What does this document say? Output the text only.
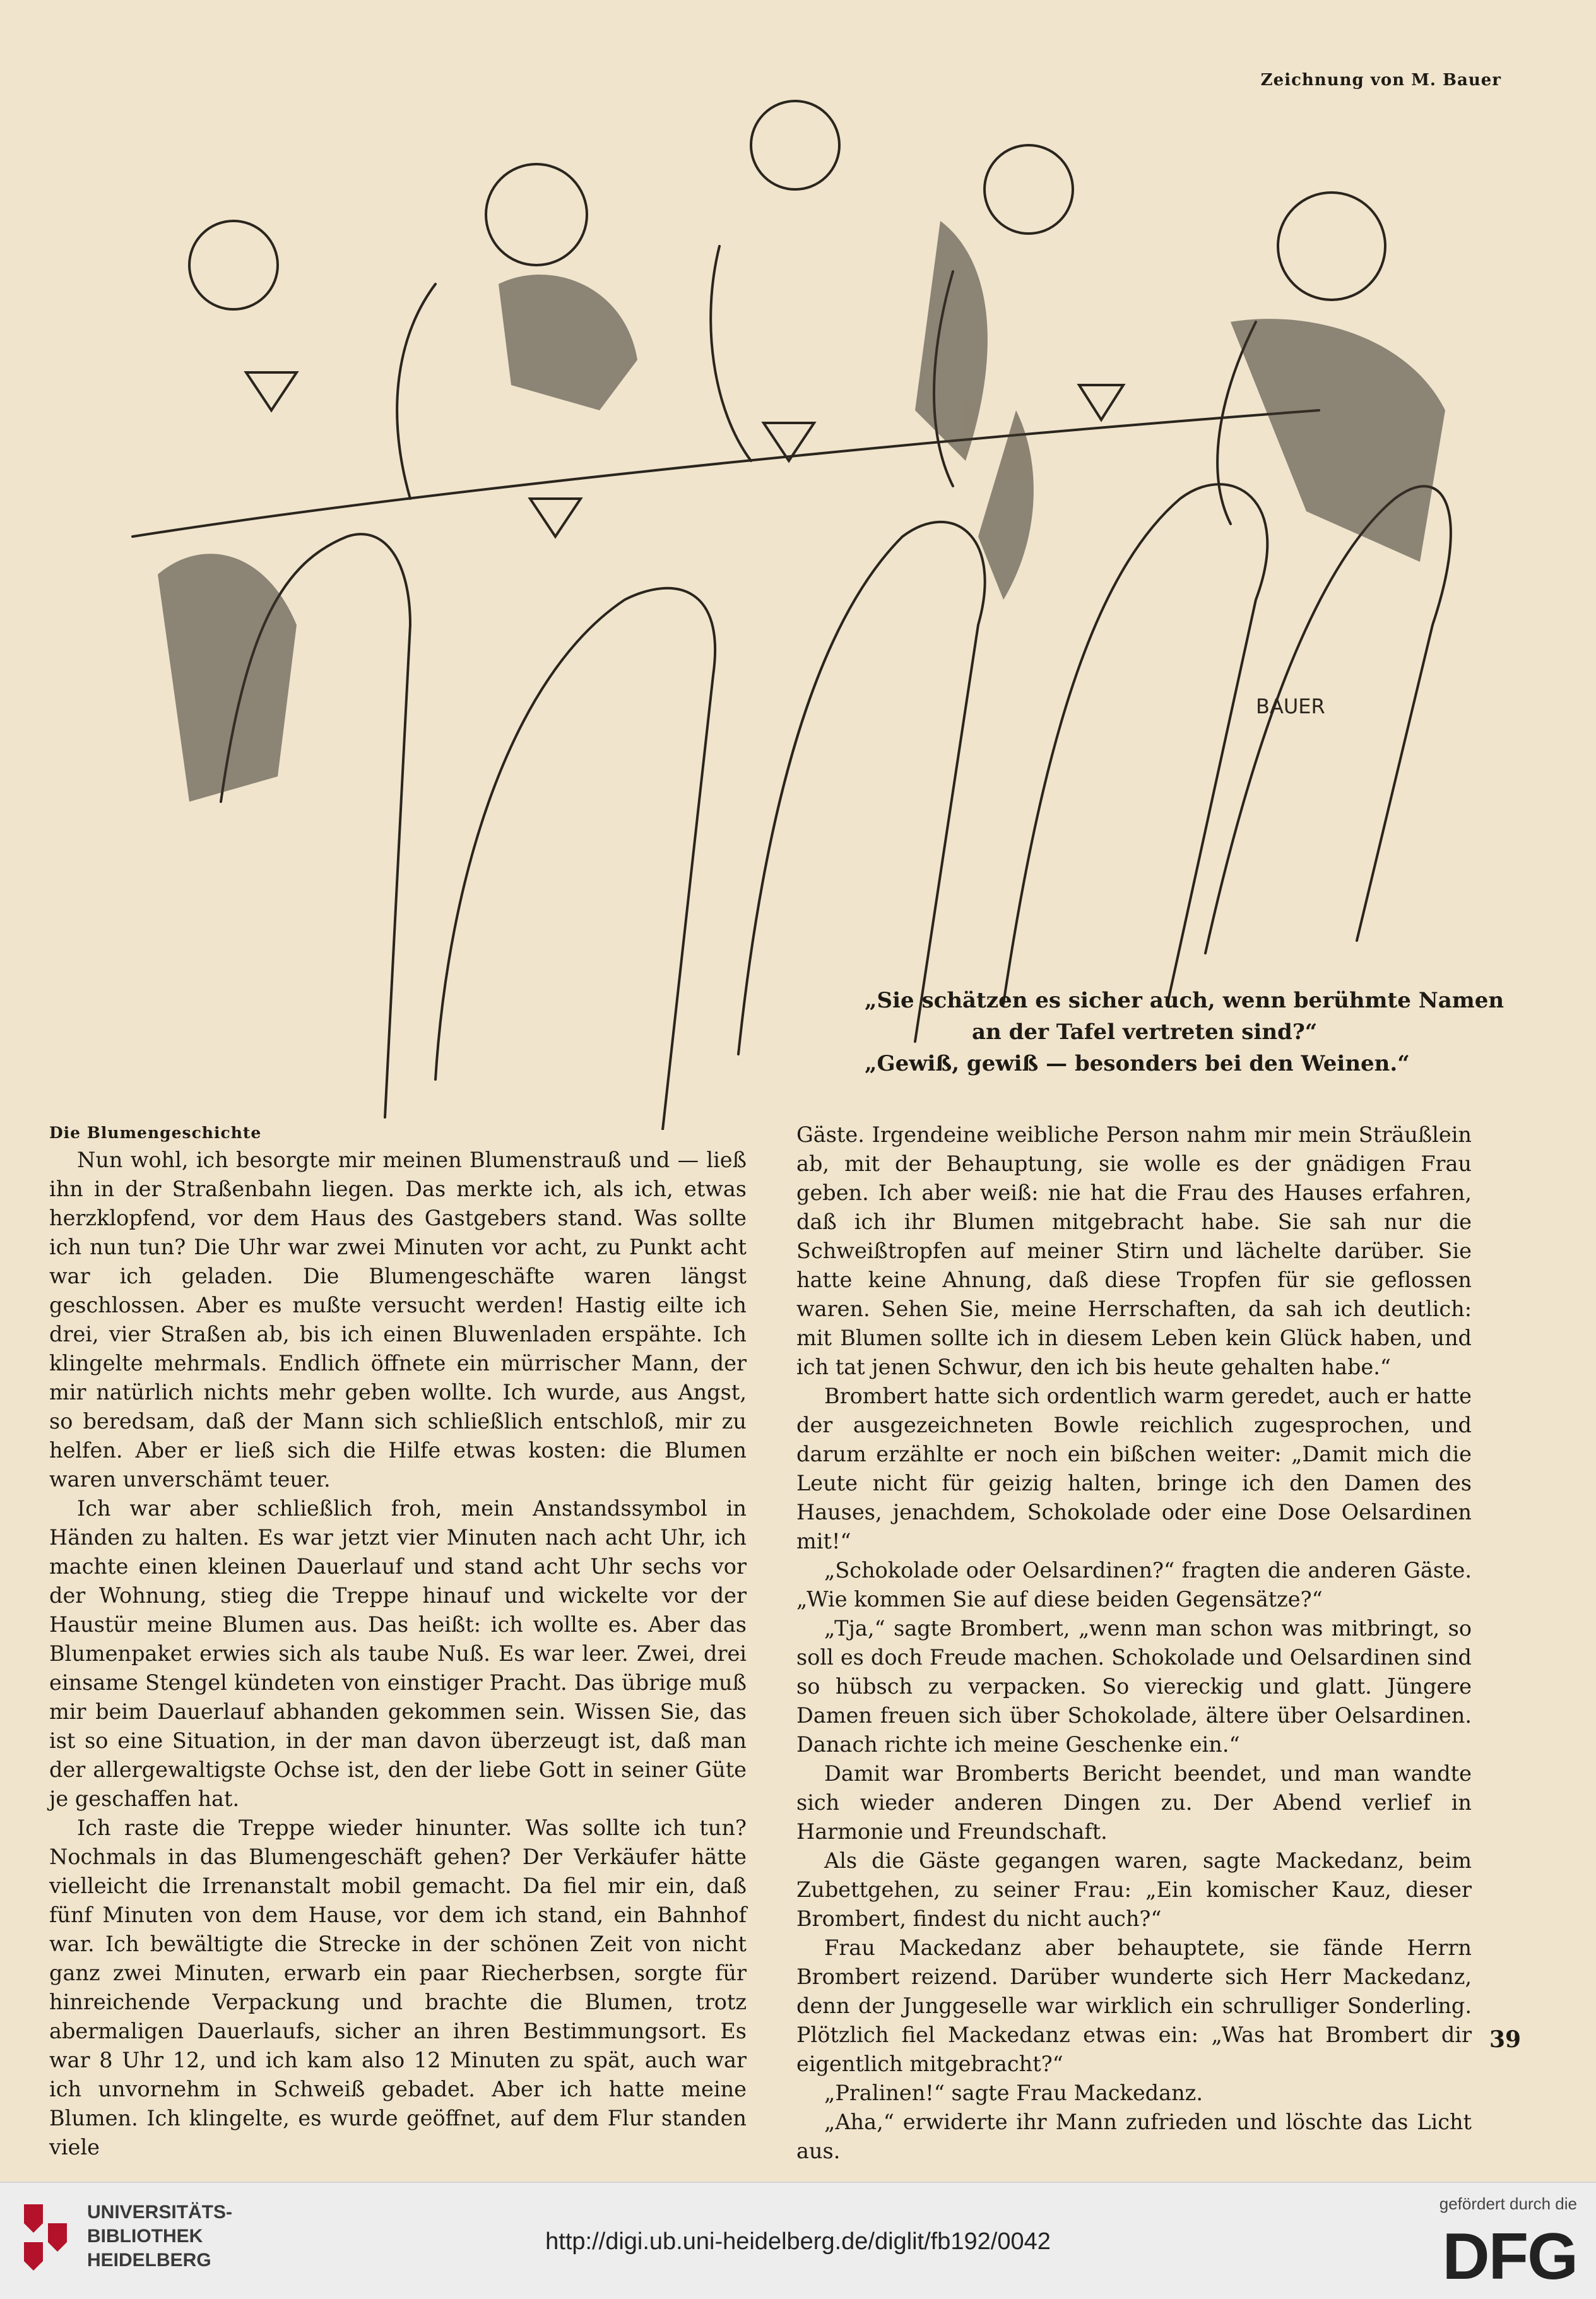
Zeichnung von M. Bauer
BAUER
„Sie schätzen es sicher auch, wenn berühmte Namen
an der Tafel vertreten sind?“
„Gewiß, gewiß — besonders bei den Weinen.“
Die Blumengeschichte

Nun wohl, ich besorgte mir meinen Blumenstrauß und — ließ ihn in der Straßenbahn liegen. Das merkte ich, als ich, etwas herzklopfend, vor dem Haus des Gastgebers stand. Was sollte ich nun tun? Die Uhr war zwei Minuten vor acht, zu Punkt acht war ich geladen. Die Blumengeschäfte waren längst geschlossen. Aber es mußte versucht werden! Hastig eilte ich drei, vier Straßen ab, bis ich einen Bluwenladen erspähte. Ich klingelte mehrmals. Endlich öffnete ein mürrischer Mann, der mir natürlich nichts mehr geben wollte. Ich wurde, aus Angst, so beredsam, daß der Mann sich schließlich entschloß, mir zu helfen. Aber er ließ sich die Hilfe etwas kosten: die Blumen waren unverschämt teuer.

Ich war aber schließlich froh, mein Anstandssymbol in Händen zu halten. Es war jetzt vier Minuten nach acht Uhr, ich machte einen kleinen Dauerlauf und stand acht Uhr sechs vor der Wohnung, stieg die Treppe hinauf und wickelte vor der Haustür meine Blumen aus. Das heißt: ich wollte es. Aber das Blumenpaket erwies sich als taube Nuß. Es war leer. Zwei, drei einsame Stengel kündeten von einstiger Pracht. Das übrige muß mir beim Dauerlauf abhanden gekommen sein. Wissen Sie, das ist so eine Situation, in der man davon überzeugt ist, daß man der allergewaltigste Ochse ist, den der liebe Gott in seiner Güte je geschaffen hat.

Ich raste die Treppe wieder hinunter. Was sollte ich tun? Nochmals in das Blumengeschäft gehen? Der Verkäufer hätte vielleicht die Irrenanstalt mobil gemacht. Da fiel mir ein, daß fünf Minuten von dem Hause, vor dem ich stand, ein Bahnhof war. Ich bewältigte die Strecke in der schönen Zeit von nicht ganz zwei Minuten, erwarb ein paar Riecherbsen, sorgte für hinreichende Verpackung und brachte die Blumen, trotz abermaligen Dauerlaufs, sicher an ihren Bestimmungsort. Es war 8 Uhr 12, und ich kam also 12 Minuten zu spät, auch war ich unvornehm in Schweiß gebadet. Aber ich hatte meine Blumen. Ich klingelte, es wurde geöffnet, auf dem Flur standen viele

Gäste. Irgendeine weibliche Person nahm mir mein Sträußlein ab, mit der Behauptung, sie wolle es der gnädigen Frau geben. Ich aber weiß: nie hat die Frau des Hauses erfahren, daß ich ihr Blumen mitgebracht habe. Sie sah nur die Schweißtropfen auf meiner Stirn und lächelte darüber. Sie hatte keine Ahnung, daß diese Tropfen für sie geflossen waren. Sehen Sie, meine Herrschaften, da sah ich deutlich: mit Blumen sollte ich in diesem Leben kein Glück haben, und ich tat jenen Schwur, den ich bis heute gehalten habe.“

Brombert hatte sich ordentlich warm geredet, auch er hatte der ausgezeichneten Bowle reichlich zugesprochen, und darum erzählte er noch ein bißchen weiter: „Damit mich die Leute nicht für geizig halten, bringe ich den Damen des Hauses, jenachdem, Schokolade oder eine Dose Oelsardinen mit!“

„Schokolade oder Oelsardinen?“ fragten die anderen Gäste. „Wie kommen Sie auf diese beiden Gegensätze?“

„Tja,“ sagte Brombert, „wenn man schon was mitbringt, so soll es doch Freude machen. Schokolade und Oelsardinen sind so hübsch zu verpacken. So viereckig und glatt. Jüngere Damen freuen sich über Schokolade, ältere über Oelsardinen. Danach richte ich meine Geschenke ein.“

Damit war Bromberts Bericht beendet, und man wandte sich wieder anderen Dingen zu. Der Abend verlief in Harmonie und Freundschaft.

Als die Gäste gegangen waren, sagte Mackedanz, beim Zubettgehen, zu seiner Frau: „Ein komischer Kauz, dieser Brombert, findest du nicht auch?“

Frau Mackedanz aber behauptete, sie fände Herrn Brombert reizend. Darüber wunderte sich Herr Mackedanz, denn der Junggeselle war wirklich ein schrulliger Sonderling. Plötzlich fiel Mackedanz etwas ein: „Was hat Brombert dir eigentlich mitgebracht?“

„Pralinen!“ sagte Frau Mackedanz.

„Aha,“ erwiderte ihr Mann zufrieden und löschte das Licht aus.

39
UNIVERSITÄTS-
BIBLIOTHEK
HEIDELBERG
http://digi.ub.uni-heidelberg.de/diglit/fb192/0042
gefördert durch die
DFG
